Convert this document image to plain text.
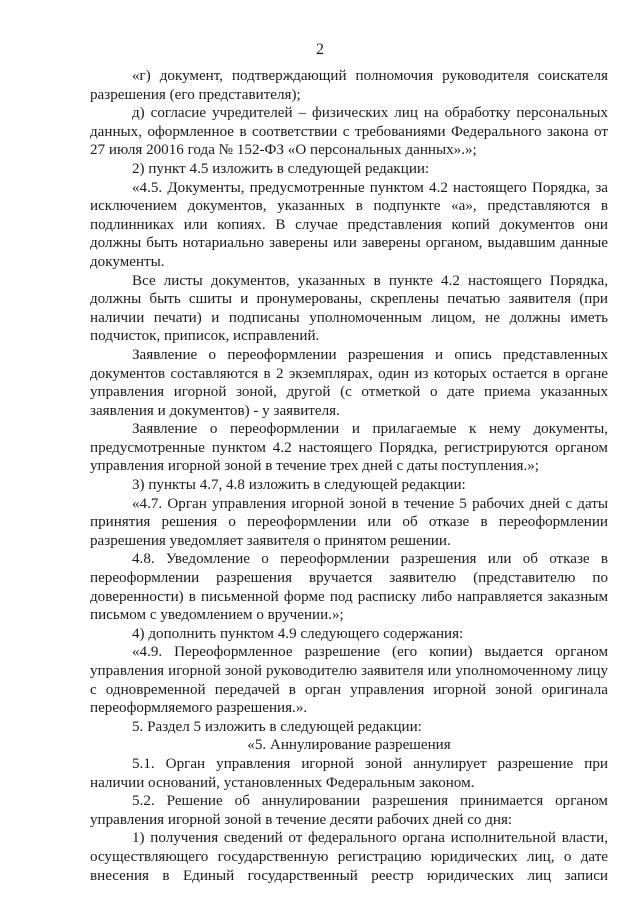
2

«г) документ, подтверждающий полномочия руководителя соискателя разрешения (его представителя);

д) согласие учредителей – физических лиц на обработку персональных данных, оформленное в соответствии с требованиями Федерального закона от 27 июля 20016 года № 152-ФЗ «О персональных данных».»;

2) пункт 4.5 изложить в следующей редакции:

«4.5. Документы, предусмотренные пунктом 4.2 настоящего Порядка, за исключением документов, указанных в подпункте «а», представляются в подлинниках или копиях. В случае представления копий документов они должны быть нотариально заверены или заверены органом, выдавшим данные документы.

Все листы документов, указанных в пункте 4.2 настоящего Порядка, должны быть сшиты и пронумерованы, скреплены печатью заявителя (при наличии печати) и подписаны уполномоченным лицом, не должны иметь подчисток, приписок, исправлений.

Заявление о переоформлении разрешения и опись представленных документов составляются в 2 экземплярах, один из которых остается в органе управления игорной зоной, другой (с отметкой о дате приема указанных заявления и документов) - у заявителя.

Заявление о переоформлении и прилагаемые к нему документы, предусмотренные пунктом 4.2 настоящего Порядка, регистрируются органом управления игорной зоной в течение трех дней с даты поступления.»;

3) пункты 4.7, 4.8 изложить в следующей редакции:

«4.7. Орган управления игорной зоной в течение 5 рабочих дней с даты принятия решения о переоформлении или об отказе в переоформлении разрешения уведомляет заявителя о принятом решении.

4.8. Уведомление о переоформлении разрешения или об отказе в переоформлении разрешения вручается заявителю (представителю по доверенности) в письменной форме под расписку либо направляется заказным письмом с уведомлением о вручении.»;

4) дополнить пунктом 4.9 следующего содержания:

«4.9. Переоформленное разрешение (его копии) выдается органом управления игорной зоной руководителю заявителя или уполномоченному лицу с одновременной передачей в орган управления игорной зоной оригинала переоформляемого разрешения.».

5. Раздел 5 изложить в следующей редакции:

«5. Аннулирование разрешения

5.1. Орган управления игорной зоной аннулирует разрешение при наличии оснований, установленных Федеральным законом.

5.2. Решение об аннулировании разрешения принимается органом управления игорной зоной в течение десяти рабочих дней со дня:

1) получения сведений от федерального органа исполнительной власти, осуществляющего государственную регистрацию юридических лиц, о дате внесения в Единый государственный реестр юридических лиц записи
